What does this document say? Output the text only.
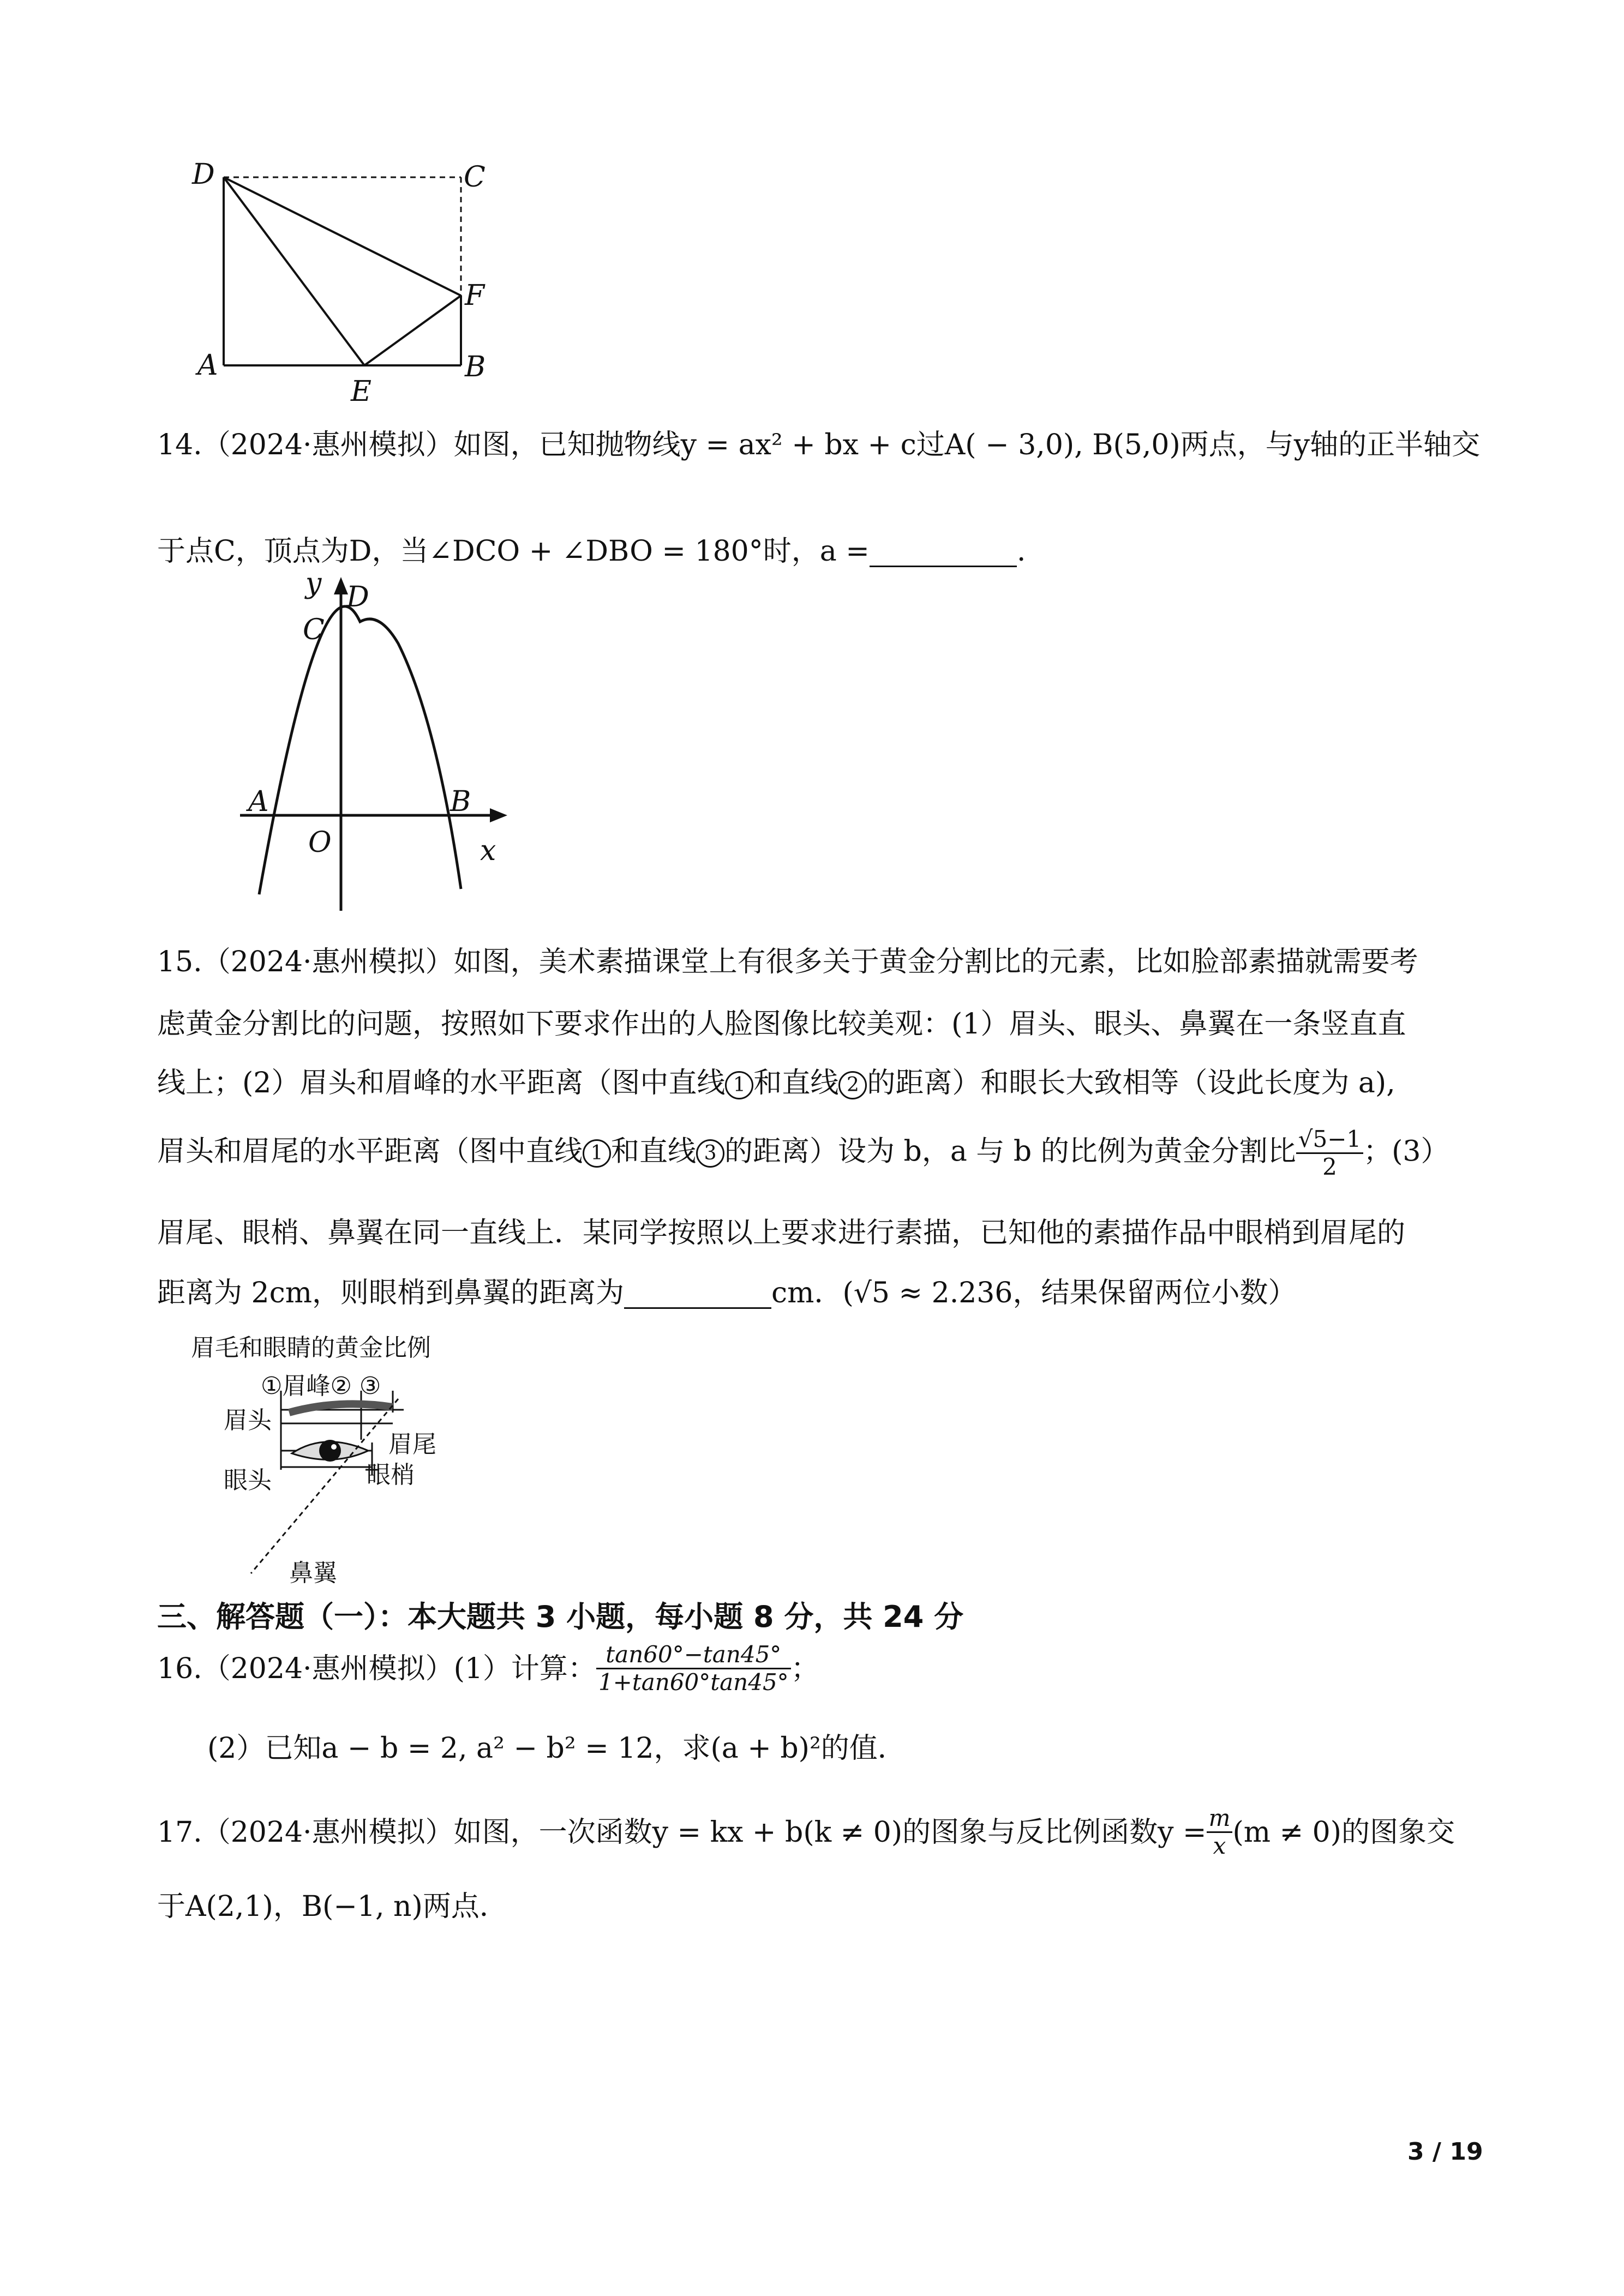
D	C
F
A
E
B
14.（2024·惠州模拟）如图，已知抛物线y = ax² + bx + c过A( − 3,0), B(5,0)两点，与y轴的正半轴交
于点C，顶点为D，当∠DCO + ∠DBO = 180°时，a =	.
y D
C
A	B
O	x
15.（2024·惠州模拟）如图，美术素描课堂上有很多关于黄金分割比的元素，比如脸部素描就需要考
虑黄金分割比的问题，按照如下要求作出的人脸图像比较美观：(1）眉头、眼头、鼻翼在一条竖直直
线上；(2）眉头和眉峰的水平距离（图中直线 1 和直线 2 的距离）和眼长大致相等（设此长度为 a),
眉头和眉尾的水平距离（图中直线 1 和直线 3 的距离）设为 b，a 与 b 的比例为黄金分割比 $\frac{√5-1}{2}$ ；(3）
眉尾、眼梢、鼻翼在同一直线上．某同学按照以上要求进行素描，已知他的素描作品中眼梢到眉尾的
距离为 2cm，则眼梢到鼻翼的距离为	cm．(√5 ≈ 2.236，结果保留两位小数）
眉毛和眼睛的黄金比例
①眉峰② ③
眉头
眉尾
眼头	眼梢
鼻翼
三、解答题（一）：本大题共 3 小题，每小题 8 分，共 24 分
16.（2024·惠州模拟）(1）计算： $\frac{\tan 60^\circ-\tan 45^\circ}{1+\tan 60^\circ\tan 45^\circ}$ ；
(2）已知a − b = 2, a² − b² = 12，求(a + b)²的值．
17.（2024·惠州模拟）如图，一次函数y = kx + b(k ≠ 0)的图象与反比例函数$y = \frac{m}{x} (m \ne 0)$的图象交
于A(2,1)，B(−1, n)两点．
3 / 19
